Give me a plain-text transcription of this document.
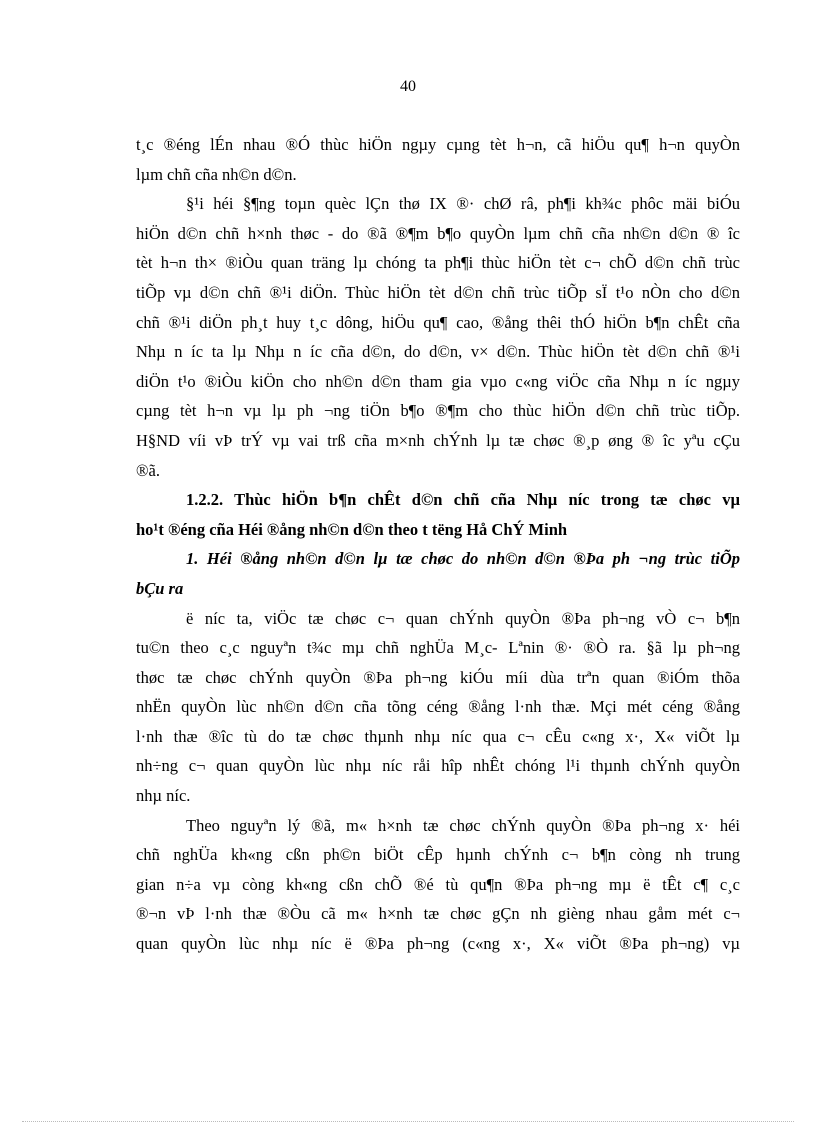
40
t¸c ®éng lÉn nhau ®Ó thùc hiÖn ngµy cµng tèt h¬n, cã hiÖu qu¶ h¬n quyÒn
lµm chñ cña nh©n d©n.
§¹i héi §¶ng toµn quèc lÇn thø IX ®· chØ râ, ph¶i kh¾c phôc mäi biÓu
hiÖn d©n chñ h×nh thøc - do ®ã ®¶m b¶o quyÒn lµm chñ cña nh©n d©n ® îc
tèt h¬n th× ®iÒu quan träng lµ chóng ta ph¶i thùc hiÖn tèt c¬ chÕ d©n chñ trùc
tiÕp vµ d©n chñ ®¹i diÖn. Thùc hiÖn tèt d©n chñ trùc tiÕp sÏ t¹o nÒn cho d©n
chñ ®¹i diÖn ph¸t huy t¸c dông, hiÖu qu¶ cao, ®ång thêi thÓ hiÖn b¶n chÊt cña
Nhµ n íc ta lµ Nhµ n íc cña d©n, do d©n, v× d©n. Thùc hiÖn tèt d©n chñ ®¹i
diÖn t¹o ®iÒu kiÖn cho nh©n d©n tham gia vµo c«ng viÖc cña Nhµ n íc ngµy
cµng tèt h¬n vµ lµ ph ¬ng tiÖn b¶o ®¶m cho thùc hiÖn d©n chñ trùc tiÕp.
H§ND víi vÞ trÝ vµ vai trß cña m×nh chÝnh lµ tæ chøc ®¸p øng ® îc yªu cÇu
®ã.
1.2.2. Thùc hiÖn b¶n chÊt d©n chñ cña Nhµ níc trong tæ chøc vµ
ho¹t ®éng cña Héi ®ång nh©n d©n theo t tëng Hå ChÝ Minh
1. Héi ®ång nh©n d©n lµ tæ chøc do nh©n d©n ®Þa ph ¬ng trùc tiÕp
bÇu ra
ë níc ta, viÖc tæ chøc c¬ quan chÝnh quyÒn ®Þa ph¬ng vÒ c¬ b¶n
tu©n theo c¸c nguyªn t¾c mµ chñ nghÜa M¸c- Lªnin ®· ®Ò ra. §ã lµ ph¬ng
thøc tæ chøc chÝnh quyÒn ®Þa ph¬ng kiÓu míi dùa trªn quan ®iÓm thõa
nhËn quyÒn lùc nh©n d©n cña tõng céng ®ång l·nh thæ. Mçi mét céng ®ång
l·nh thæ ®îc tù do tæ chøc thµnh nhµ níc qua c¬ cÊu c«ng x·, X« viÕt lµ
nh÷ng c¬ quan quyÒn lùc nhµ níc råi hîp nhÊt chóng l¹i thµnh chÝnh quyÒn
nhµ níc.
Theo nguyªn lý ®ã, m« h×nh tæ chøc chÝnh quyÒn ®Þa ph¬ng x· héi
chñ nghÜa kh«ng cßn ph©n biÖt cÊp hµnh chÝnh c¬ b¶n còng nh trung
gian n÷a vµ còng kh«ng cßn chÕ ®é tù qu¶n ®Þa ph¬ng mµ ë tÊt c¶ c¸c
®¬n vÞ l·nh thæ ®Òu cã m« h×nh tæ chøc gÇn nh gièng nhau gåm mét c¬
quan quyÒn lùc nhµ níc ë ®Þa ph¬ng (c«ng x·, X« viÕt ®Þa ph¬ng) vµ
